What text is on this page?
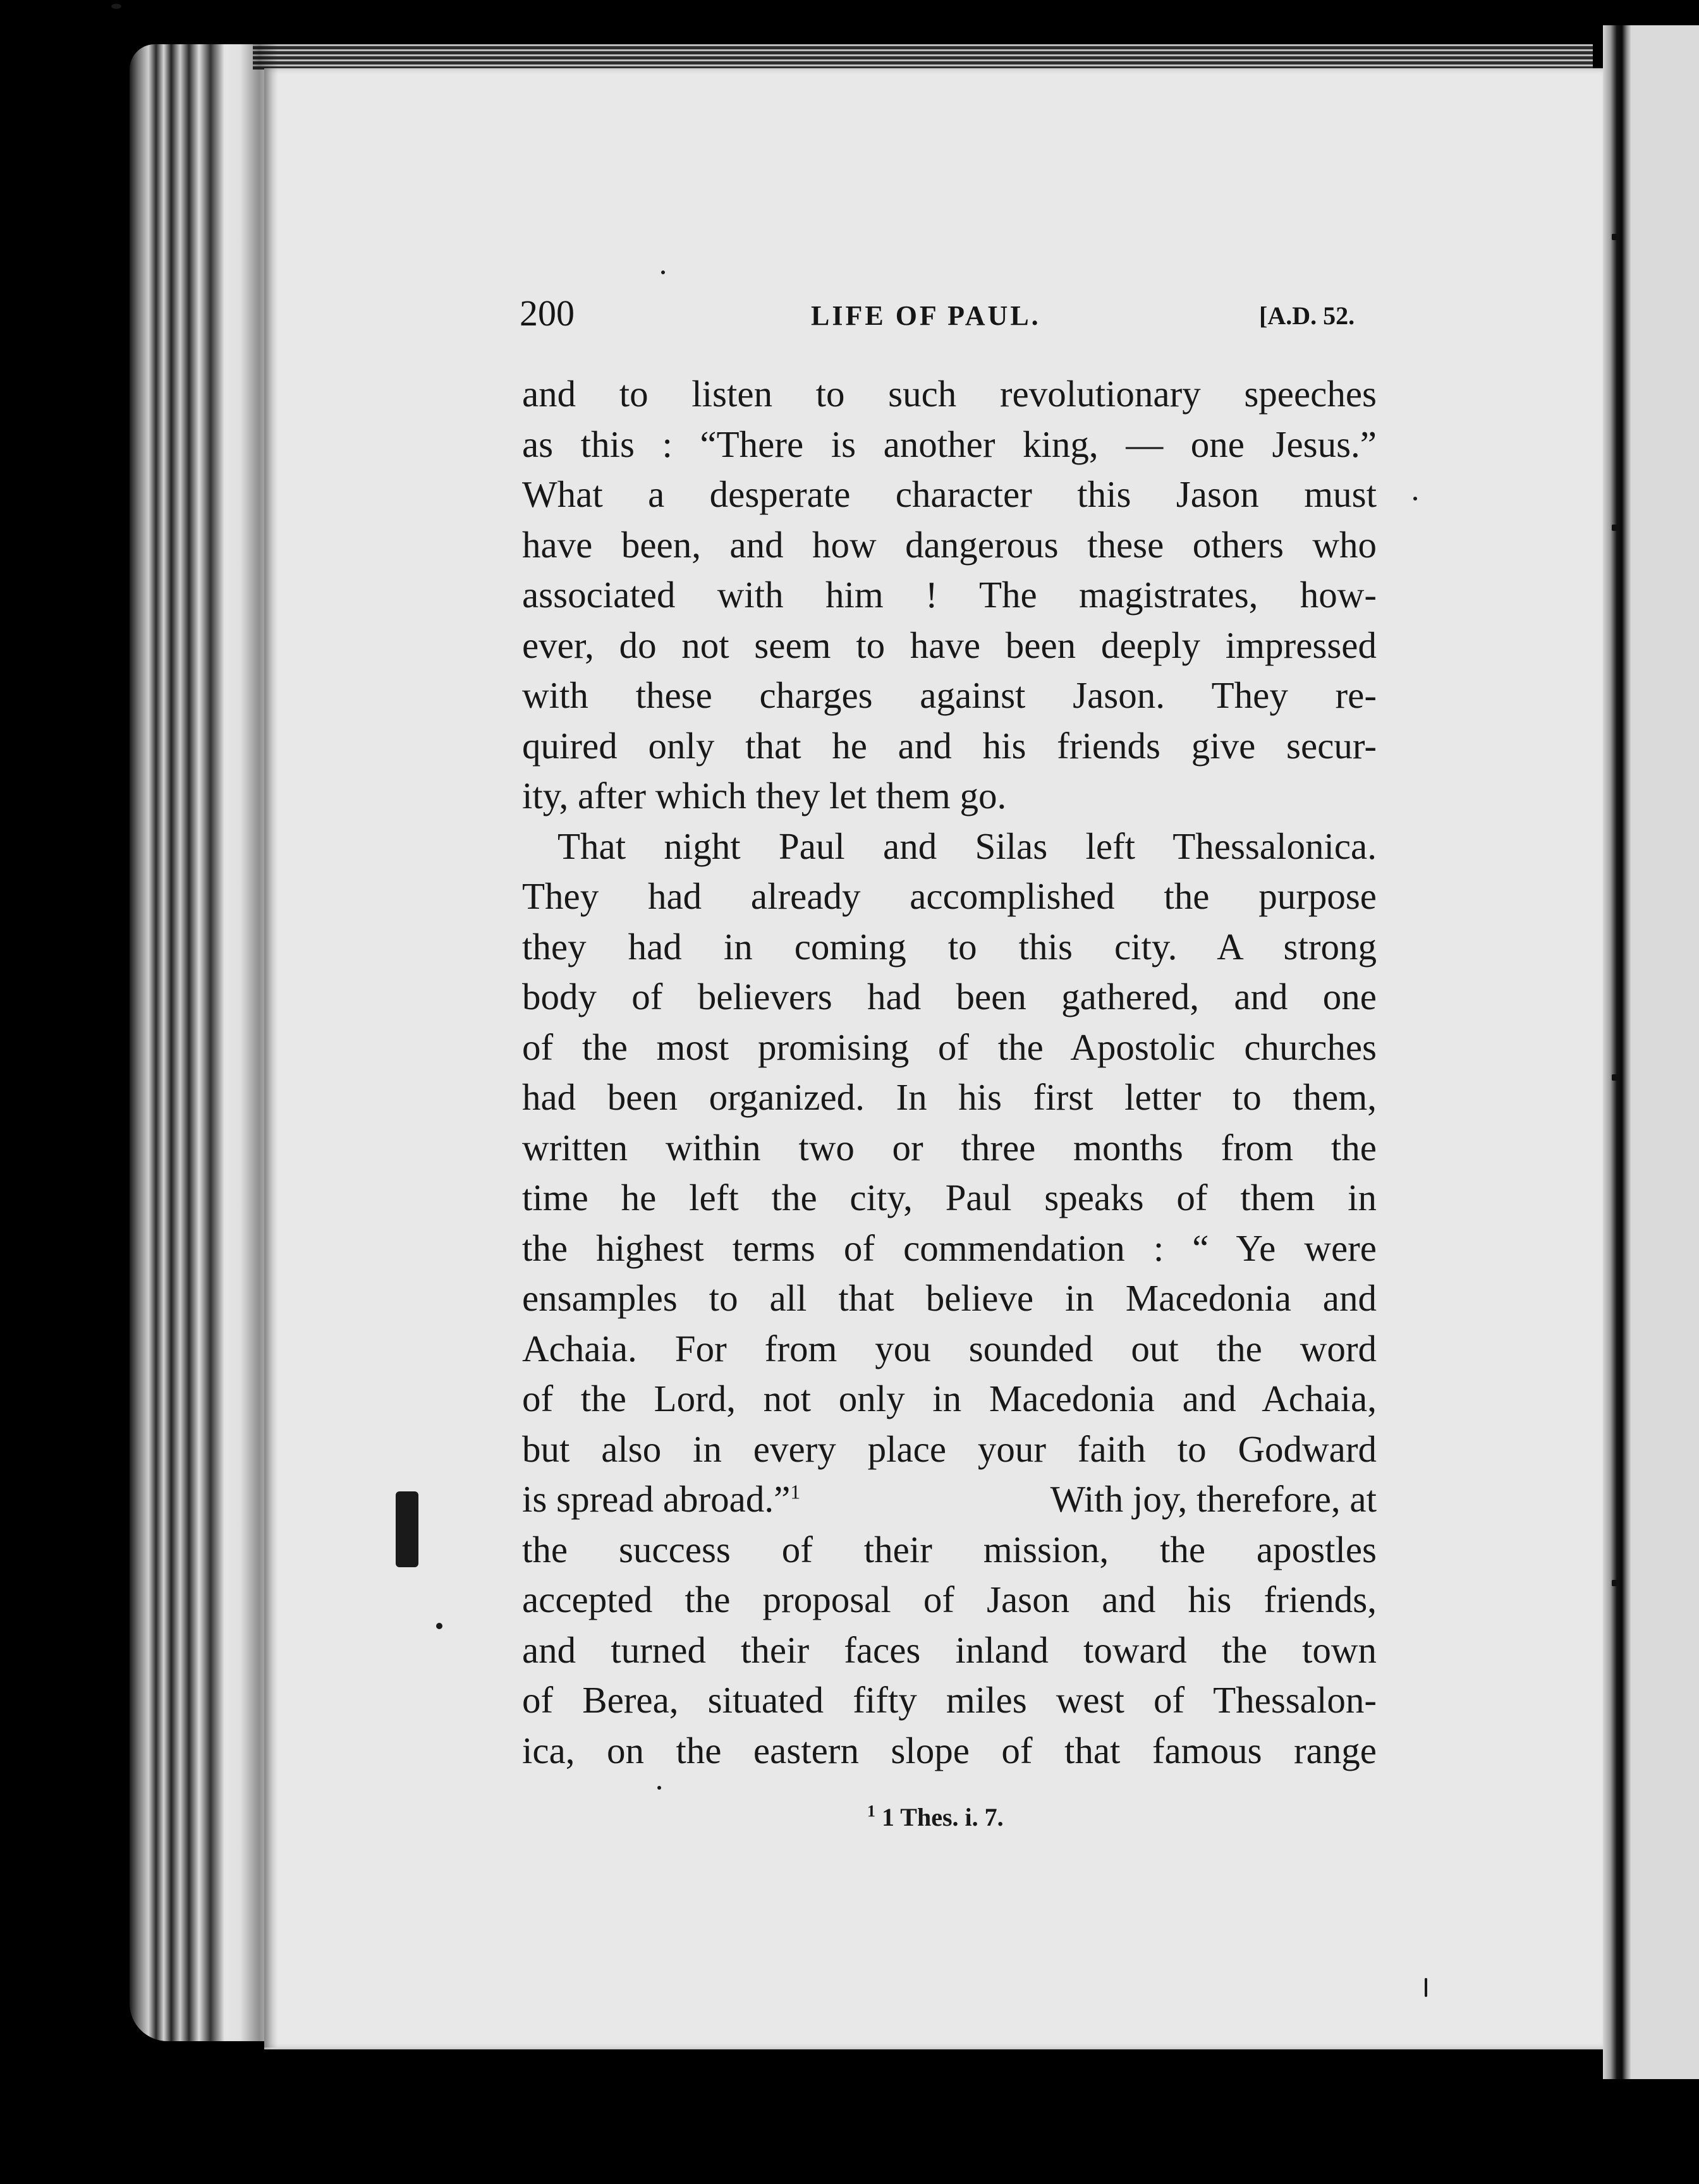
200	LIFE OF PAUL.	[A.D. 52.

and to listen to such revolutionary speeches

as this : “There is another king, — one Jesus.”

What a desperate character this Jason must

have been, and how dangerous these others who

associated with him ! The magistrates, how-

ever, do not seem to have been deeply impressed

with these charges against Jason. They re-

quired only that he and his friends give secur-

ity, after which they let them go.

That night Paul and Silas left Thessalonica.

They had already accomplished the purpose

they had in coming to this city. A strong

body of believers had been gathered, and one

of the most promising of the Apostolic churches

had been organized. In his first letter to them,

written within two or three months from the

time he left the city, Paul speaks of them in

the highest terms of commendation : “ Ye were

ensamples to all that believe in Macedonia and

Achaia. For from you sounded out the word

of the Lord, not only in Macedonia and Achaia,

but also in every place your faith to Godward

is spread abroad.”$^1$	With joy, therefore, at

the success of their mission, the apostles

accepted the proposal of Jason and his friends,

and turned their faces inland toward the town

of Berea, situated fifty miles west of Thessalon-

ica, on the eastern slope of that famous range

$^1$ 1 Thes. i. 7.
